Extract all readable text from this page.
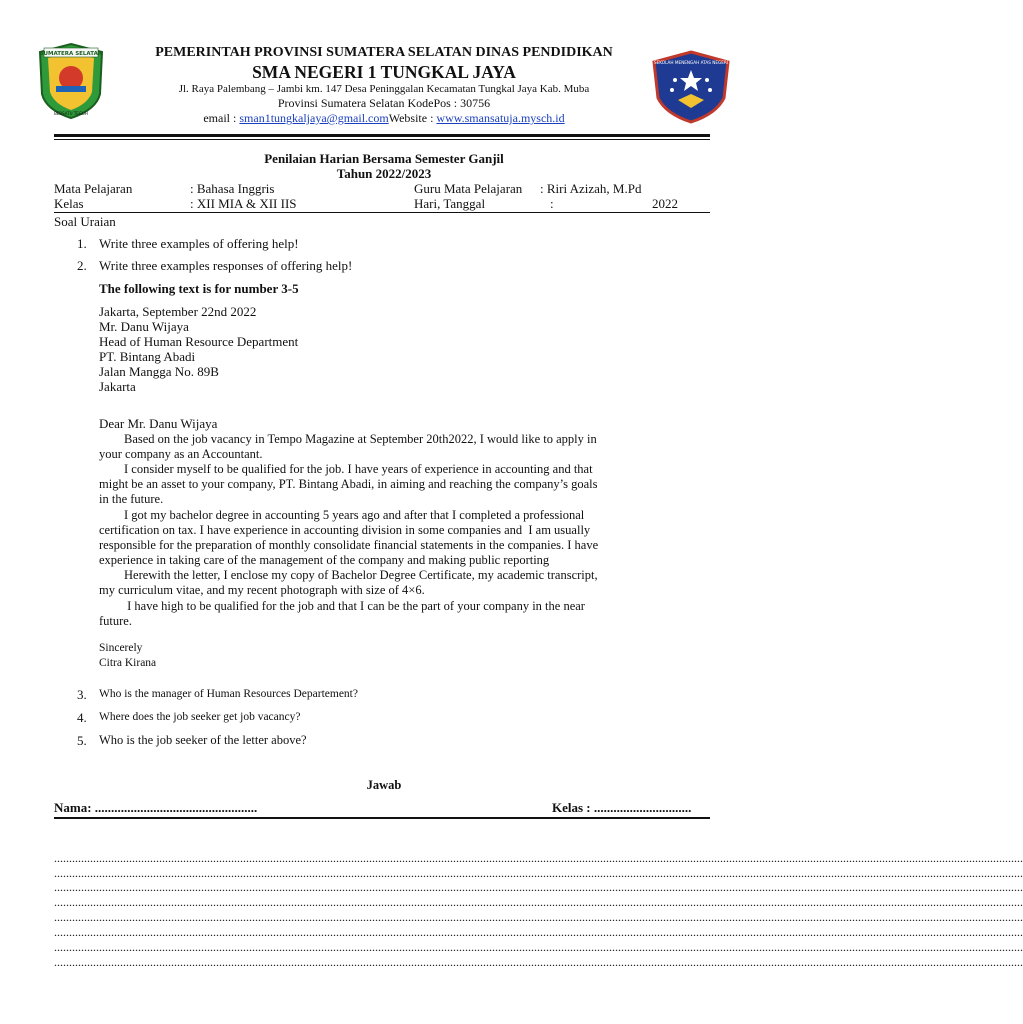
SUMATERA SELATAN
BERSATU TEGUH
SEKOLAH MENENGAH ATAS NEGERI
PEMERINTAH PROVINSI SUMATERA SELATAN DINAS PENDIDIKAN
SMA NEGERI 1 TUNGKAL JAYA
Jl. Raya Palembang – Jambi km. 147 Desa Peninggalan Kecamatan Tungkal Jaya Kab. Muba
Provinsi Sumatera Selatan KodePos : 30756
email : sman1tungkaljaya@gmail.comWebsite : www.smansatuja.mysch.id
Penilaian Harian Bersama Semester Ganjil
Tahun 2022/2023
Mata Pelajaran	: Bahasa Inggris	Guru Mata Pelajaran : Riri Azizah, M.Pd
Kelas	: XII MIA & XII IIS	Hari, Tanggal	:	2022
Soal Uraian
1. Write three examples of offering help!
2. Write three examples responses of offering help!
The following text is for number 3-5
Jakarta, September 22nd 2022
Mr. Danu Wijaya
Head of Human Resource Department
PT. Bintang Abadi
Jalan Mangga No. 89B
Jakarta
Dear Mr. Danu Wijaya
Based on the job vacancy in Tempo Magazine at September 20th2022, I would like to apply in
your company as an Accountant.
I consider myself to be qualified for the job. I have years of experience in accounting and that
might be an asset to your company, PT. Bintang Abadi, in aiming and reaching the company’s goals
in the future.
I got my bachelor degree in accounting 5 years ago and after that I completed a professional
certification on tax. I have experience in accounting division in some companies and  I am usually
responsible for the preparation of monthly consolidate financial statements in the companies. I have
experience in taking care of the management of the company and making public reporting
Herewith the letter, I enclose my copy of Bachelor Degree Certificate, my academic transcript,
my curriculum vitae, and my recent photograph with size of 4×6.
I have high to be qualified for the job and that I can be the part of your company in the near
future.
Sincerely
Citra Kirana
3. Who is the manager of Human Resources Departement?
4. Where does the job seeker get job vacancy?
5. Who is the job seeker of the letter above?
Jawab
Nama: ..................................................	Kelas : ..............................
...................................................................................................................................................................................................................................................................................................................................
...................................................................................................................................................................................................................................................................................................................................
...................................................................................................................................................................................................................................................................................................................................
...................................................................................................................................................................................................................................................................................................................................
...................................................................................................................................................................................................................................................................................................................................
...................................................................................................................................................................................................................................................................................................................................
...................................................................................................................................................................................................................................................................................................................................
...................................................................................................................................................................................................................................................................................................................................
